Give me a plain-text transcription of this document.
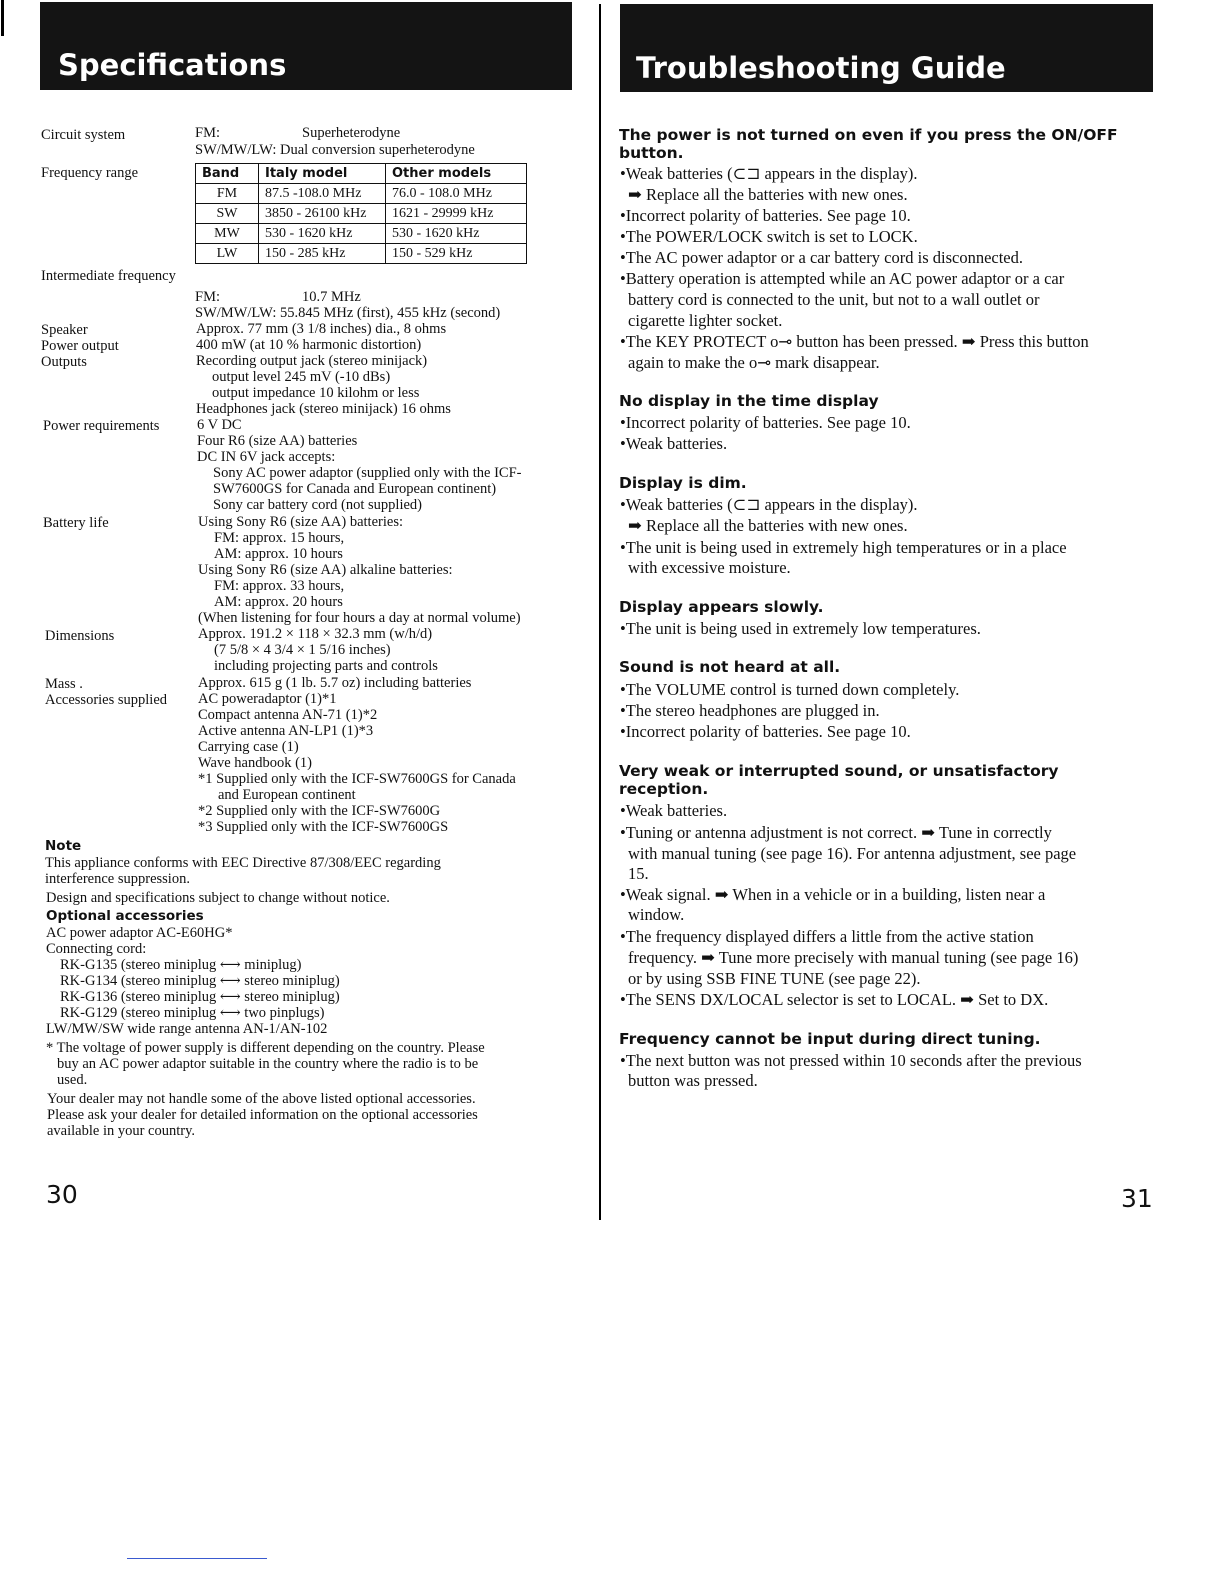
Specifications	Troubleshooting Guide
Circuit system	FM:	Superheterodyne
SW/MW/LW: Dual conversion superheterodyne
Frequency range	Band	Italy model	Other models
FM	87.5 -108.0 MHz	76.0 - 108.0 MHz
SW	3850 - 26100 kHz	1621 - 29999 kHz
MW	530 - 1620 kHz	530 - 1620 kHz
LW	150 - 285 kHz	150 - 529 kHz
Intermediate frequency
FM:	10.7 MHz
SW/MW/LW: 55.845 MHz (first), 455 kHz (second)
Speaker	Approx. 77 mm (3 1/8 inches) dia., 8 ohms
Power output	400 mW (at 10 % harmonic distortion)
Outputs	Recording output jack (stereo minijack)
output level 245 mV (-10 dBs)
output impedance 10 kilohm or less
Headphones jack (stereo minijack) 16 ohms
Power requirements	6 V DC
Four R6 (size AA) batteries
DC IN 6V jack accepts:
Sony AC power adaptor (supplied only with the ICF-
SW7600GS for Canada and European continent)
Sony car battery cord (not supplied)
Battery life	Using Sony R6 (size AA) batteries:
FM: approx. 15 hours,
AM: approx. 10 hours
Using Sony R6 (size AA) alkaline batteries:
FM: approx. 33 hours,
AM: approx. 20 hours
(When listening for four hours a day at normal volume)
Dimensions	Approx. 191.2 × 118 × 32.3 mm (w/h/d)
(7 5/8 × 4 3/4 × 1 5/16 inches)
including projecting parts and controls
Mass .	Approx. 615 g (1 lb. 5.7 oz) including batteries
Accessories supplied AC poweradaptor (1)*1
Compact antenna AN-71 (1)*2
Active antenna AN-LP1 (1)*3
Carrying case (1)
Wave handbook (1)
*1 Supplied only with the ICF-SW7600GS for Canada
and European continent
*2 Supplied only with the ICF-SW7600G
*3 Supplied only with the ICF-SW7600GS
Note
This appliance conforms with EEC Directive 87/308/EEC regarding
interference suppression.
Design and specifications subject to change without notice.
Optional accessories
AC power adaptor AC-E60HG*
Connecting cord:
RK-G135 (stereo miniplug ⟷ miniplug)
RK-G134 (stereo miniplug ⟷ stereo miniplug)
RK-G136 (stereo miniplug ⟷ stereo miniplug)
RK-G129 (stereo miniplug ⟷ two pinplugs)
LW/MW/SW wide range antenna AN-1/AN-102
* The voltage of power supply is different depending on the country. Please
buy an AC power adaptor suitable in the country where the radio is to be
used.
Your dealer may not handle some of the above listed optional accessories.
Please ask your dealer for detailed information on the optional accessories
available in your country.
30
The power is not turned on even if you press the ON/OFF
button.
•Weak batteries (⊂⊐ appears in the display).
➡ Replace all the batteries with new ones.
•Incorrect polarity of batteries. See page 10.
•The POWER/LOCK switch is set to LOCK.
•The AC power adaptor or a car battery cord is disconnected.
•Battery operation is attempted while an AC power adaptor or a car
battery cord is connected to the unit, but not to a wall outlet or
cigarette lighter socket.
•The KEY PROTECT o⊸ button has been pressed. ➡ Press this button
again to make the o⊸ mark disappear.
No display in the time display
•Incorrect polarity of batteries. See page 10.
•Weak batteries.
Display is dim.
•Weak batteries (⊂⊐ appears in the display).
➡ Replace all the batteries with new ones.
•The unit is being used in extremely high temperatures or in a place
with excessive moisture.
Display appears slowly.
•The unit is being used in extremely low temperatures.
Sound is not heard at all.
•The VOLUME control is turned down completely.
•The stereo headphones are plugged in.
•Incorrect polarity of batteries. See page 10.
Very weak or interrupted sound, or unsatisfactory
reception.
•Weak batteries.
•Tuning or antenna adjustment is not correct. ➡ Tune in correctly
with manual tuning (see page 16). For antenna adjustment, see page
15.
•Weak signal. ➡ When in a vehicle or in a building, listen near a
window.
•The frequency displayed differs a little from the active station
frequency. ➡ Tune more precisely with manual tuning (see page 16)
or by using SSB FINE TUNE (see page 22).
•The SENS DX/LOCAL selector is set to LOCAL. ➡ Set to DX.
Frequency cannot be input during direct tuning.
•The next button was not pressed within 10 seconds after the previous
button was pressed.
31
